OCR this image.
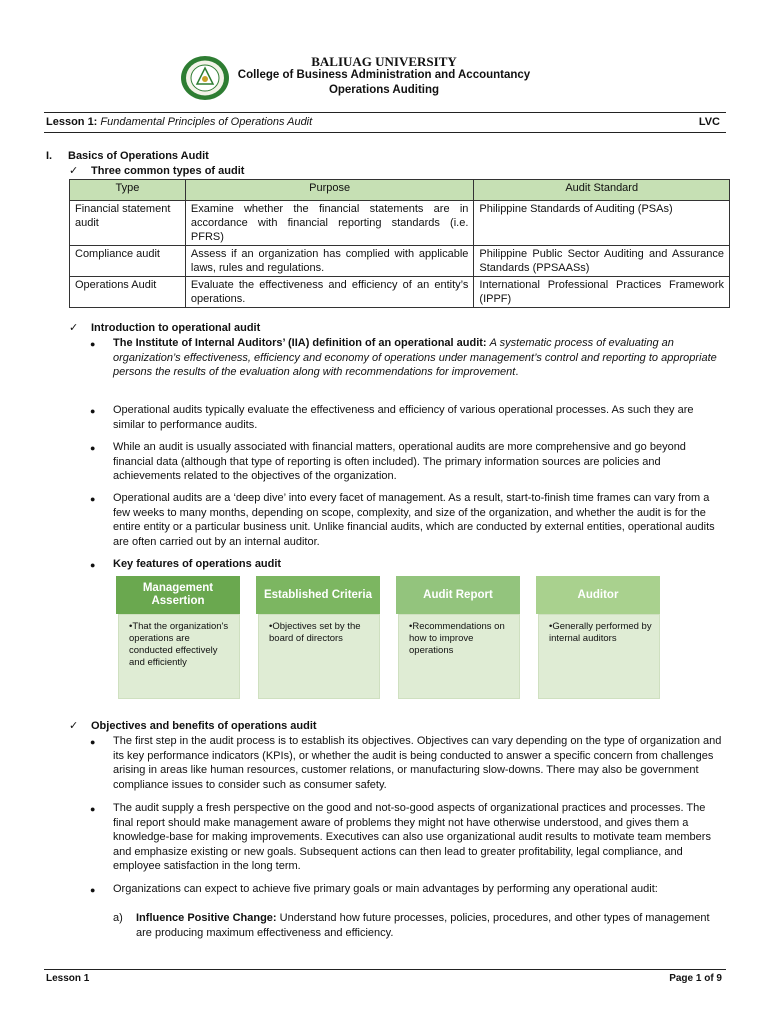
BALIUAG UNIVERSITY
College of Business Administration and Accountancy
Operations Auditing
Lesson 1: Fundamental Principles of Operations Audit	LVC
I. Basics of Operations Audit
✓ Three common types of audit
Type	Purpose	Audit Standard
Financial statement audit	Examine whether the financial statements are in accordance with financial reporting standards (i.e. PFRS)	Philippine Standards of Auditing (PSAs)
Compliance audit	Assess if an organization has complied with applicable laws, rules and regulations.	Philippine Public Sector Auditing and Assurance Standards (PPSAASs)
Operations Audit	Evaluate the effectiveness and efficiency of an entity’s operations.	International Professional Practices Framework (IPPF)
✓ Introduction to operational audit
● The Institute of Internal Auditors’ (IIA) definition of an operational audit: A systematic process of evaluating an organization’s effectiveness, efficiency and economy of operations under management’s control and reporting to appropriate persons the results of the evaluation along with recommendations for improvement.
● Operational audits typically evaluate the effectiveness and efficiency of various operational processes. As such they are similar to performance audits.
● While an audit is usually associated with financial matters, operational audits are more comprehensive and go beyond financial data (although that type of reporting is often included). The primary information sources are policies and achievements related to the objectives of the organization.
● Operational audits are a ‘deep dive’ into every facet of management. As a result, start-to-finish time frames can vary from a few weeks to many months, depending on scope, complexity, and size of the organization, and whether the audit is for the entire entity or a particular business unit. Unlike financial audits, which are conducted by external entities, operational audits are often carried out by an internal auditor.
● Key features of operations audit
Management Assertion
•That the organization's operations are conducted effectively and efficiently
Established Criteria
•Objectives set by the board of directors
Audit Report
•Recommendations on how to improve operations
Auditor
•Generally performed by internal auditors
✓ Objectives and benefits of operations audit
● The first step in the audit process is to establish its objectives. Objectives can vary depending on the type of organization and its key performance indicators (KPIs), or whether the audit is being conducted to answer a specific concern from challenges arising in areas like human resources, customer relations, or manufacturing slow-downs. There may also be government compliance issues to consider such as consumer safety.
● The audit supply a fresh perspective on the good and not-so-good aspects of organizational practices and processes. The final report should make management aware of problems they might not have otherwise understood, and gives them a knowledge-base for making improvements. Executives can also use organizational audit results to motivate team members and emphasize existing or new goals. Subsequent actions can then lead to greater profitability, legal compliance, and employee satisfaction in the long term.
● Organizations can expect to achieve five primary goals or main advantages by performing any operational audit:
a) Influence Positive Change: Understand how future processes, policies, procedures, and other types of management are producing maximum effectiveness and efficiency.
Lesson 1	Page 1 of 9
